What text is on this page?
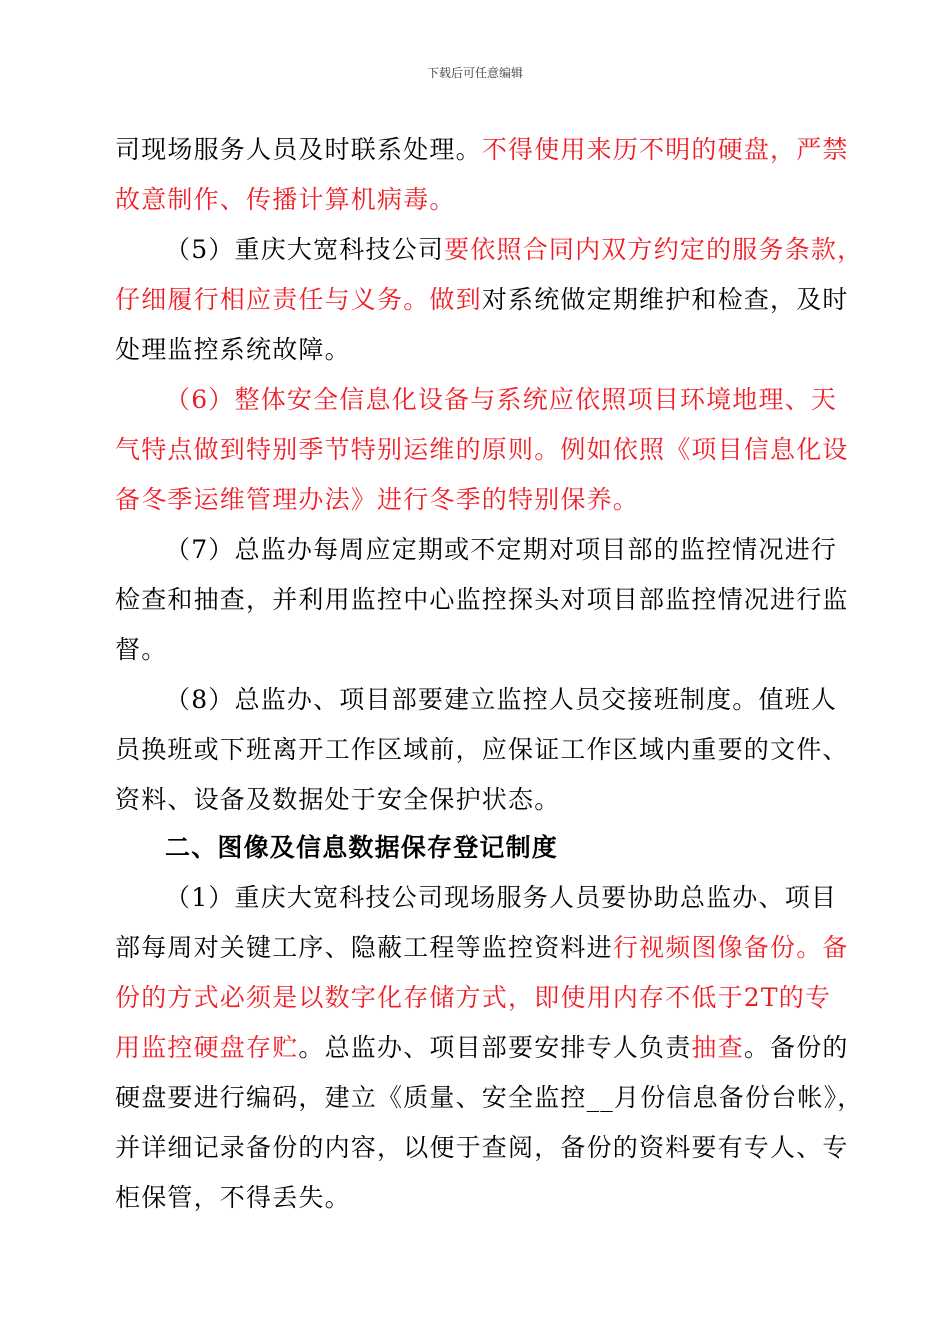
下载后可任意编辑
司现场服务人员及时联系处理。不得使用来历不明的硬盘，严禁
故意制作、传播计算机病毒。
（5）重庆大宽科技公司要依照合同内双方约定的服务条款，
仔细履行相应责任与义务。做到对系统做定期维护和检查，及时
处理监控系统故障。
（6）整体安全信息化设备与系统应依照项目环境地理、天
气特点做到特别季节特别运维的原则。例如依照《项目信息化设
备冬季运维管理办法》进行冬季的特别保养。
（7）总监办每周应定期或不定期对项目部的监控情况进行
检查和抽查，并利用监控中心监控探头对项目部监控情况进行监
督。
（8）总监办、项目部要建立监控人员交接班制度。值班人
员换班或下班离开工作区域前，应保证工作区域内重要的文件、
资料、设备及数据处于安全保护状态。
二、图像及信息数据保存登记制度
（1）重庆大宽科技公司现场服务人员要协助总监办、项目
部每周对关键工序、隐蔽工程等监控资料进行视频图像备份。备
份的方式必须是以数字化存储方式，即使用内存不低于2T的专
用监控硬盘存贮。总监办、项目部要安排专人负责抽查。备份的
硬盘要进行编码，建立《质量、安全监控__月份信息备份台帐》，
并详细记录备份的内容，以便于查阅，备份的资料要有专人、专
柜保管，不得丢失。
